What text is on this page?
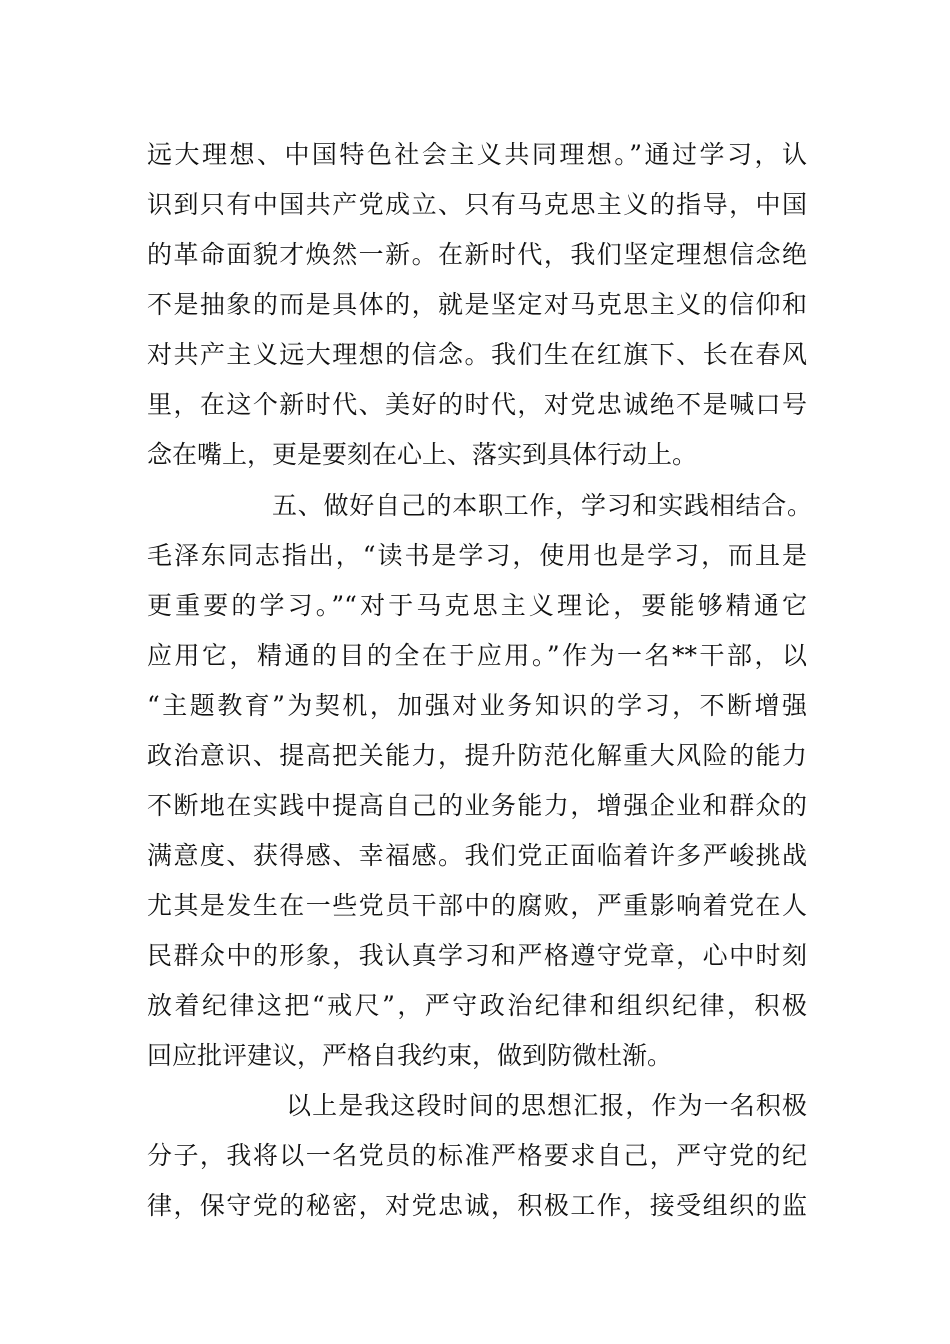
远大理想、中国特色社会主义共同理想。”通过学习，认
识到只有中国共产党成立、只有马克思主义的指导，中国
的革命面貌才焕然一新。在新时代，我们坚定理想信念绝
不是抽象的而是具体的，就是坚定对马克思主义的信仰和
对共产主义远大理想的信念。我们生在红旗下、长在春风
里，在这个新时代、美好的时代，对党忠诚绝不是喊口号
念在嘴上，更是要刻在心上、落实到具体行动上。
五、做好自己的本职工作，学习和实践相结合。
毛泽东同志指出，“读书是学习，使用也是学习，而且是
更重要的学习。”“对于马克思主义理论，要能够精通它
应用它，精通的目的全在于应用。”作为一名**干部，以
“主题教育”为契机，加强对业务知识的学习，不断增强
政治意识、提高把关能力，提升防范化解重大风险的能力
不断地在实践中提高自己的业务能力，增强企业和群众的
满意度、获得感、幸福感。我们党正面临着许多严峻挑战
尤其是发生在一些党员干部中的腐败，严重影响着党在人
民群众中的形象，我认真学习和严格遵守党章，心中时刻
放着纪律这把“戒尺”，严守政治纪律和组织纪律，积极
回应批评建议，严格自我约束，做到防微杜渐。
以上是我这段时间的思想汇报，作为一名积极
分子，我将以一名党员的标准严格要求自己，严守党的纪
律，保守党的秘密，对党忠诚，积极工作，接受组织的监
